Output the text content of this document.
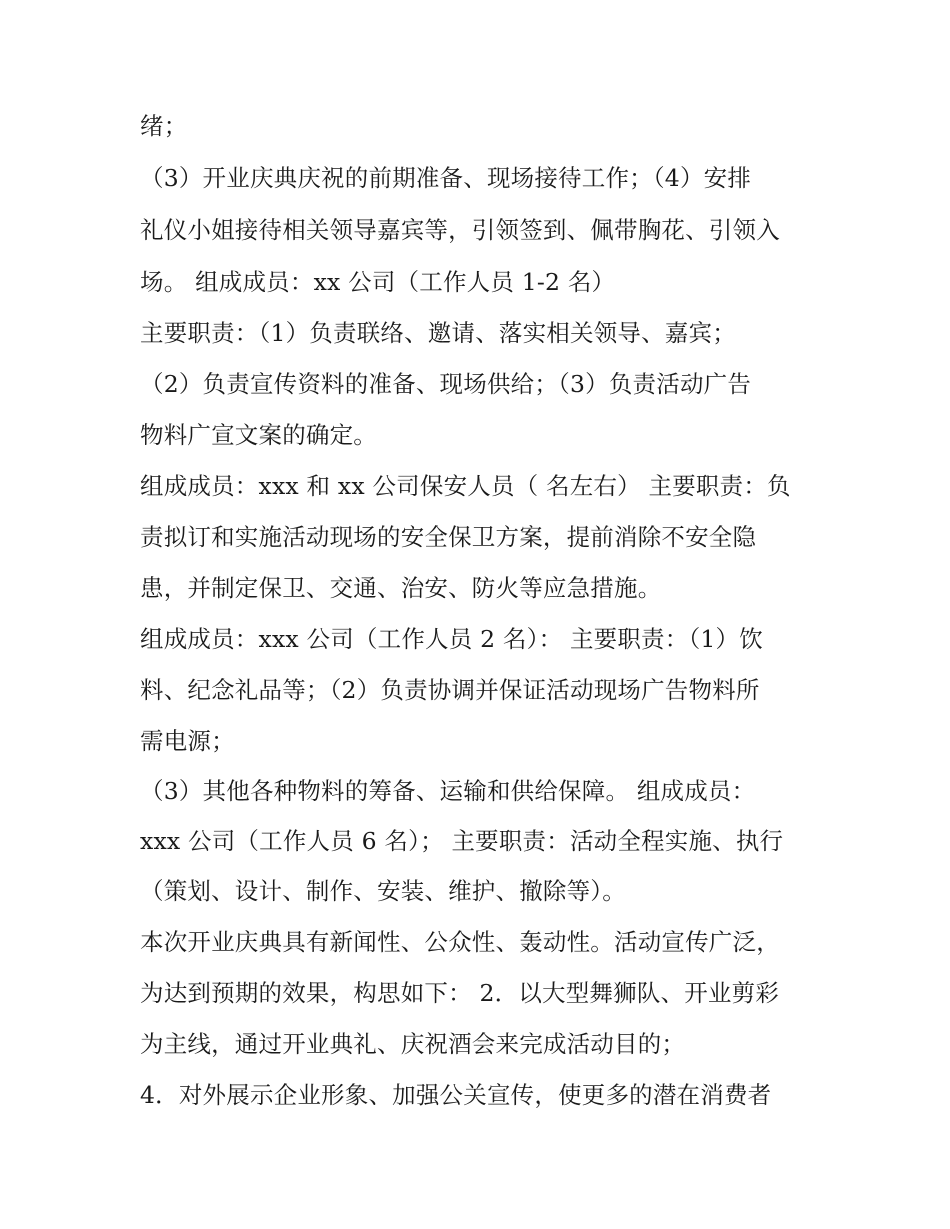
绪；
（3）开业庆典庆祝的前期准备、现场接待工作；（4）安排
礼仪小姐接待相关领导嘉宾等，引领签到、佩带胸花、引领入
场。 组成成员：xx 公司（工作人员 1-2 名）
主要职责：（1）负责联络、邀请、落实相关领导、嘉宾；
（2）负责宣传资料的准备、现场供给；（3）负责活动广告
物料广宣文案的确定。
组成成员：xxx 和 xx 公司保安人员（ 名左右） 主要职责：负
责拟订和实施活动现场的安全保卫方案，提前消除不安全隐
患，并制定保卫、交通、治安、防火等应急措施。
组成成员：xxx 公司（工作人员 2 名）： 主要职责：（1）饮
料、纪念礼品等；（2）负责协调并保证活动现场广告物料所
需电源；
（3）其他各种物料的筹备、运输和供给保障。 组成成员：
xxx 公司（工作人员 6 名）； 主要职责：活动全程实施、执行
（策划、设计、制作、安装、维护、撤除等）。
本次开业庆典具有新闻性、公众性、轰动性。活动宣传广泛，
为达到预期的效果，构思如下： 2．以大型舞狮队、开业剪彩
为主线，通过开业典礼、庆祝酒会来完成活动目的；
4．对外展示企业形象、加强公关宣传，使更多的潜在消费者
